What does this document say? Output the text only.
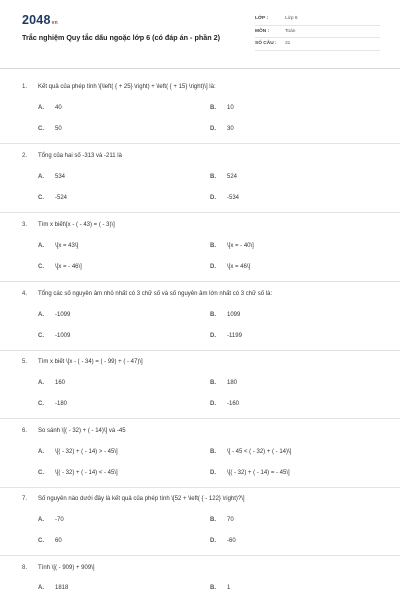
2048vn
Trắc nghiệm Quy tắc dấu ngoặc lớp 6 (có đáp án - phần 2)
LỚP :	Lớp 6
MÔN :	Toán
SỐ CÂU : 31
1. Kết quả của phép tính \[\left( { + 25} \right) + \left( { + 15} \right)\] là:
A. 40	B. 10
C. 50	D. 30
2. Tổng của hai số -313 và -211 là
A. 534	B. 524
C. -524	D. -534
3. Tìm x biết\[x - ( - 43) = ( - 3)\]
A. \[x = 43\]	B. \[x = - 40\]
C. \[x = - 46\]	D. \[x = 46\]
4. Tổng các số nguyên âm nhỏ nhất có 3 chữ số và số nguyên âm lớn nhất có 3 chữ số là:
A. -1099	B. 1099
C. -1009	D. -1199
5. Tìm x biết \[x - ( - 34) = ( - 99) + ( - 47)\]
A. 160	B. 180
C. -180	D. -160
6. So sánh \[( - 32) + ( - 14)\] và -45
A. \[( - 32) + ( - 14) > - 45\]	B. \[ - 45 < ( - 32) + ( - 14)\]
C. \[( - 32) + ( - 14) < - 45\]	D. \[( - 32) + ( - 14) = - 45\]
7. Số nguyên nào dưới đây là kết quả của phép tính \[52 + \left( { - 122} \right)?\]
A. -70	B. 70
C. 60	D. -60
8. Tính \[( - 909) + 909\]
A. 1818	B. 1
